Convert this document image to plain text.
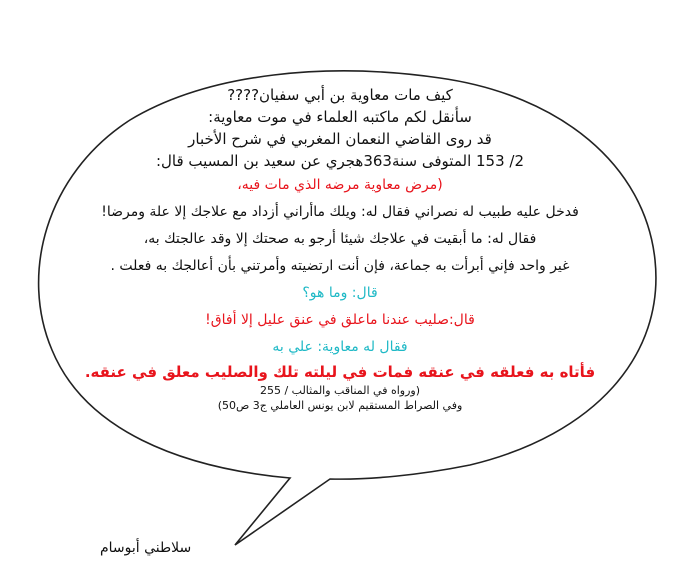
كيف مات معاوية بن أبي سفيان????
سأنقل لكم ماكتبه العلماء في موت معاوية:
قد روى القاضي النعمان المغربي في شرح الأخبار
2/ 153 المتوفى سنة363هجري عن سعيد بن المسيب قال:
(مرض معاوية مرضه الذي مات فيه،
فدخل عليه طبيب له نصراني فقال له: ويلك ماأراني أزداد مع علاجك إلا علة ومرضا!
فقال له: ما أبقيت في علاجك شيئا أرجو به صحتك إلا وقد عالجتك به،
غير واحد فإني أبرأت به جماعة، فإن أنت ارتضيته وأمرتني بأن أعالجك به فعلت .
قال: وما هو؟
قال:صليب عندنا ماعلق في عنق عليل إلا أفاق!
فقال له معاوية: علي به
فأتاه به فعلقه في عنقه فمات في ليلته تلك والصليب معلق في عنقه.
(ورواه في المناقب والمثالب / 255
وفي الصراط المستقيم لابن يونس العاملي ج3 ص50)
سلاطني أبوسام
